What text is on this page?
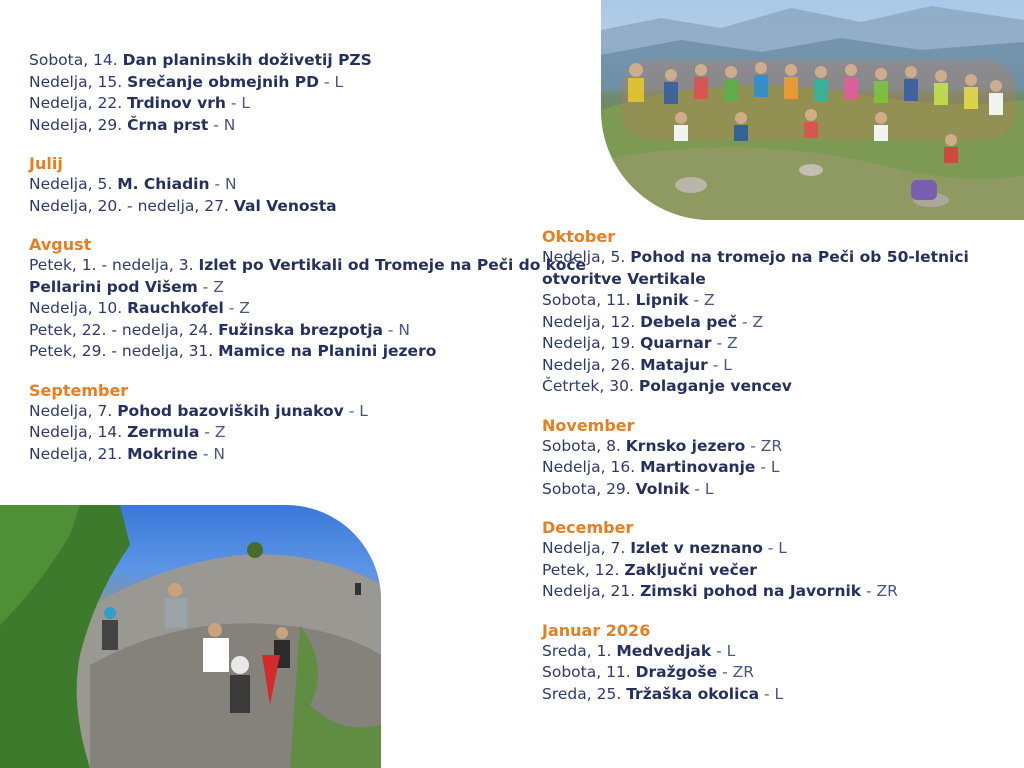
Sobota, 14. Dan planinskih doživetij PZS
Nedelja, 15. Srečanje obmejnih PD - L
Nedelja, 22. Trdinov vrh - L
Nedelja, 29. Črna prst - N
Julij
Nedelja, 5. M. Chiadin - N
Nedelja, 20. - nedelja, 27. Val Venosta
Avgust
Petek, 1. - nedelja, 3. Izlet po Vertikali od Tromeje na Peči do koče Pellarini pod Višem - Z
Nedelja, 10. Rauchkofel - Z
Petek, 22. - nedelja, 24. Fužinska brezpotja - N
Petek, 29. - nedelja, 31. Mamice na Planini jezero
September
Nedelja, 7. Pohod bazoviških junakov - L
Nedelja, 14. Zermula - Z
Nedelja, 21. Mokrine - N
Oktober
Nedelja, 5. Pohod na tromejo na Peči ob 50-letnici otvoritve Vertikale
Sobota, 11. Lipnik - Z
Nedelja, 12. Debela peč - Z
Nedelja, 19. Quarnar - Z
Nedelja, 26. Matajur - L
Četrtek, 30. Polaganje vencev
November
Sobota, 8. Krnsko jezero - ZR
Nedelja, 16. Martinovanje - L
Sobota, 29. Volnik - L
December
Nedelja, 7. Izlet v neznano - L
Petek, 12. Zaključni večer
Nedelja, 21. Zimski pohod na Javornik - ZR
Januar 2026
Sreda, 1. Medvedjak - L
Sobota, 11. Dražgoše - ZR
Sreda, 25. Tržaška okolica - L
